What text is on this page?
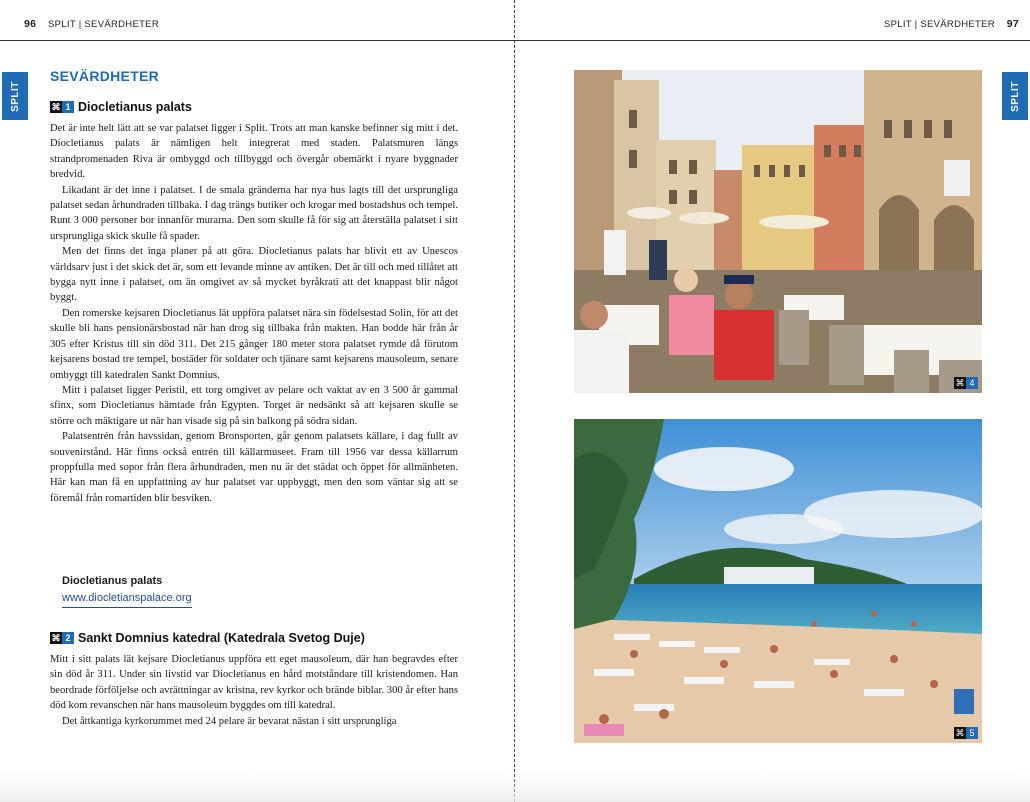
96 SPLIT | SEVÄRDHETER	SPLIT | SEVÄRDHETER 97
SPLIT	SPLIT
SEVÄRDHETER
⌘ 1 Diocletianus palats

Det är inte helt lätt att se var palatset ligger i Split. Trots att man kanske befinner sig mitt i det. Diocletianus palats är nämligen helt integrerat med staden. Palatsmuren längs strandpromenaden Riva är ombyggd och tillbyggd och övergår obemärkt i nyare byggnader bredvid.

Likadant är det inne i palatset. I de smala gränderna har nya hus lagts till det ursprungliga palatset sedan århundraden tillbaka. I dag trängs butiker och krogar med bostadshus och tempel. Runt 3 000 personer bor innanför murarna. Den som skulle få för sig att återställa palatset i sitt ursprungliga skick skulle få spader.

Men det finns det inga planer på att göra. Diocletianus palats har blivit ett av Unescos världsarv just i det skick det är, som ett levande minne av antiken. Det är till och med tillåtet att bygga nytt inne i palatset, om än omgivet av så mycket byråkrati att det knappast blir något byggt.

Den romerske kejsaren Diocletianus lät uppföra palatset nära sin födelsestad Solin, för att det skulle bli hans pensionärsbostad när han drog sig tillbaka från makten. Han bodde här från år 305 efter Kristus till sin död 311. Det 215 gånger 180 meter stora palatset rymde då förutom kejsarens bostad tre tempel, bostäder för soldater och tjänare samt kejsarens mausoleum, senare ombyggt till katedralen Sankt Domnius.

Mitt i palatset ligger Peristil, ett torg omgivet av pelare och vaktat av en 3 500 år gammal sfinx, som Diocletianus hämtade från Egypten. Torget är nedsänkt så att kejsaren skulle se större och mäktigare ut när han visade sig på sin balkong på södra sidan.

Palatsentrén från havssidan, genom Bronsporten, går genom palatsets källare, i dag fullt av souvenirstånd. Här finns också entrén till källarmuseet. Fram till 1956 var dessa källarrum proppfulla med sopor från flera århundraden, men nu är det städat och öppet för allmänheten. Här kan man få en uppfattning av hur palatset var uppbyggt, men den som väntar sig att se föremål från romartiden blir besviken.

Diocletianus palats
www.diocletianspalace.org
⌘ 2 Sankt Domnius katedral (Katedrala Svetog Duje)

Mitt i sitt palats lät kejsare Diocletianus uppföra ett eget mausoleum, där han begravdes efter sin död år 311. Under sin livstid var Diocletianus en hård motståndare till kristendomen. Han beordrade förföljelse och avrättningar av kristna, rev kyrkor och brände biblar. 300 år efter hans död kom revanschen när hans mausoleum byggdes om till katedral.

Det åttkantiga kyrkorummet med 24 pelare är bevarat nästan i sitt ursprungliga

⌘ 4
⌘ 5
